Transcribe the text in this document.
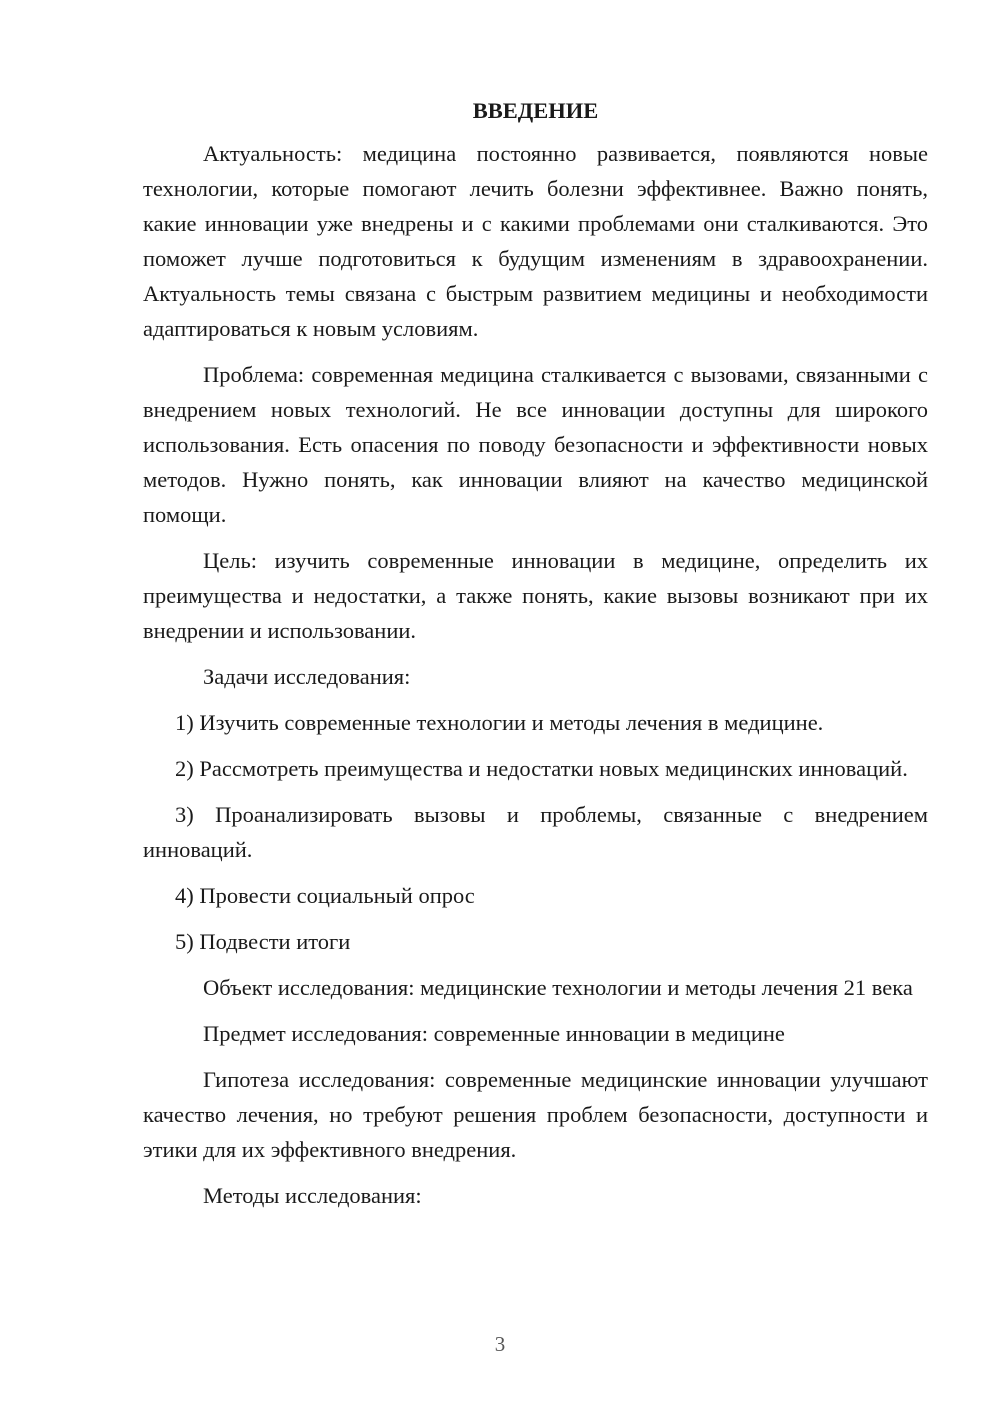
ВВЕДЕНИЕ

Актуальность: медицина постоянно развивается, появляются новые технологии, которые помогают лечить болезни эффективнее. Важно понять, какие инновации уже внедрены и с какими проблемами они сталкиваются. Это поможет лучше подготовиться к будущим изменениям в здравоохранении. Актуальность темы связана с быстрым развитием медицины и необходимости адаптироваться к новым условиям.

Проблема: современная медицина сталкивается с вызовами, связанными с внедрением новых технологий. Не все инновации доступны для широкого использования. Есть опасения по поводу безопасности и эффективности новых методов. Нужно понять, как инновации влияют на качество медицинской помощи.

Цель: изучить современные инновации в медицине, определить их преимущества и недостатки, а также понять, какие вызовы возникают при их внедрении и использовании.

Задачи исследования:

1) Изучить современные технологии и методы лечения в медицине.

2) Рассмотреть преимущества и недостатки новых медицинских инноваций.

3) Проанализировать вызовы и проблемы, связанные с внедрением инноваций.

4) Провести социальный опрос

5) Подвести итоги

Объект исследования: медицинские технологии и методы лечения 21 века

Предмет исследования: современные инновации в медицине

Гипотеза исследования: современные медицинские инновации улучшают качество лечения, но требуют решения проблем безопасности, доступности и этики для их эффективного внедрения.

Методы исследования:

3
